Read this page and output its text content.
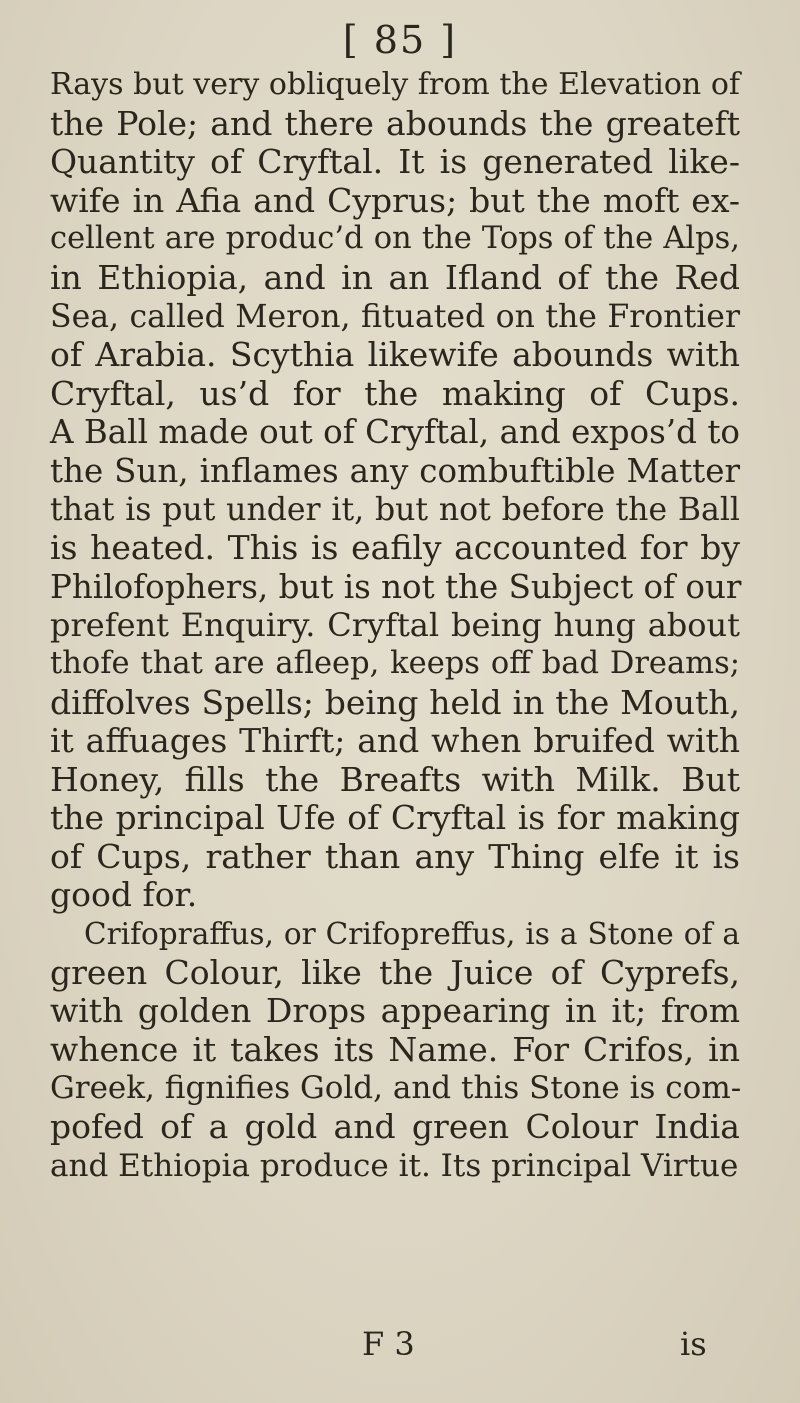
[ 85 ]
Rays but very obliquely from the Elevation of
the Pole; and there abounds the greateft
Quantity of Cryftal. It is generated like-
wife in Afia and Cyprus; but the moft ex-
cellent are produc’d on the Tops of the Alps,
in Ethiopia, and in an Ifland of the Red
Sea, called Meron, fituated on the Frontier
of Arabia. Scythia likewife abounds with
Cryftal, us’d for the making of Cups.
A Ball made out of Cryftal, and expos’d to
the Sun, inflames any combuftible Matter
that is put under it, but not before the Ball
is heated. This is eafily accounted for by
Philofophers, but is not the Subject of our
prefent Enquiry. Cryftal being hung about
thofe that are afleep, keeps off bad Dreams;
diffolves Spells; being held in the Mouth,
it affuages Thirft; and when bruifed with
Honey, fills the Breafts with Milk. But
the principal Ufe of Cryftal is for making
of Cups, rather than any Thing elfe it is
good for.
Crifopraffus, or Crifopreffus, is a Stone of a
green Colour, like the Juice of Cyprefs,
with golden Drops appearing in it; from
whence it takes its Name. For Crifos, in
Greek, fignifies Gold, and this Stone is com-
pofed of a gold and green Colour India
and Ethiopia produce it. Its principal Virtue
F 3	is
